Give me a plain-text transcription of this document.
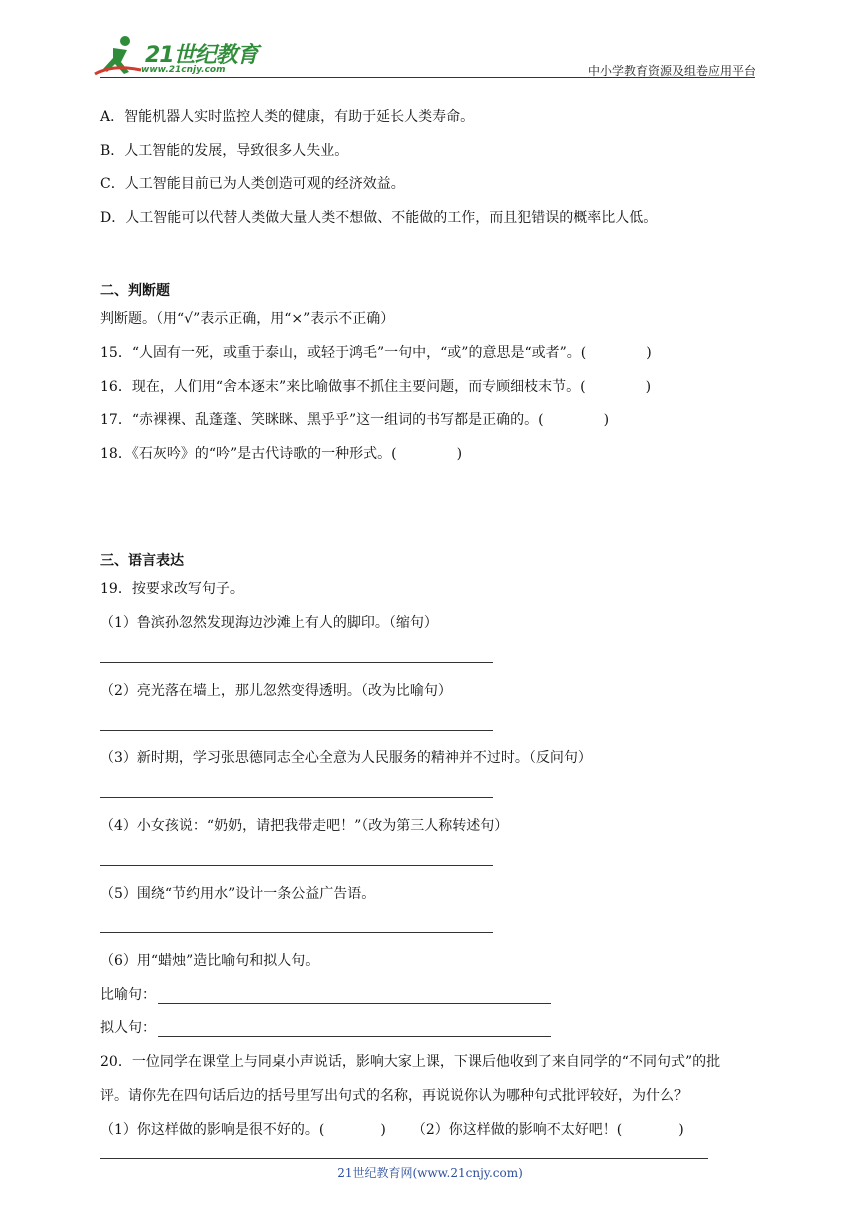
21世纪教育
www.21cnjy.com	中小学教育资源及组卷应用平台
A．智能机器人实时监控人类的健康，有助于延长人类寿命。
B．人工智能的发展，导致很多人失业。
C．人工智能目前已为人类创造可观的经济效益。
D．人工智能可以代替人类做大量人类不想做、不能做的工作，而且犯错误的概率比人低。
二、判断题
判断题。（用“√”表示正确，用“×”表示不正确）
15．“人固有一死，或重于泰山，或轻于鸿毛”一句中，“或”的意思是“或者”。(	)
16．现在，人们用“舍本逐末”来比喻做事不抓住主要问题，而专顾细枝末节。(	)
17．“赤裸裸、乱蓬蓬、笑眯眯、黑乎乎”这一组词的书写都是正确的。(	)
18．《石灰吟》的“吟”是古代诗歌的一种形式。(	)
三、语言表达
19．按要求改写句子。
（1）鲁滨孙忽然发现海边沙滩上有人的脚印。（缩句）
（2）亮光落在墙上，那儿忽然变得透明。（改为比喻句）
（3）新时期，学习张思德同志全心全意为人民服务的精神并不过时。（反问句）
（4）小女孩说：“奶奶，请把我带走吧！”（改为第三人称转述句）
（5）围绕“节约用水”设计一条公益广告语。
（6）用“蜡烛”造比喻句和拟人句。
比喻句：
拟人句：
20．一位同学在课堂上与同桌小声说话，影响大家上课，下课后他收到了来自同学的“不同句式”的批
评。请你先在四句话后边的括号里写出句式的名称，再说说你认为哪种句式批评较好，为什么？
（1）你这样做的影响是很不好的。(	) （2）你这样做的影响不太好吧！(	)
21世纪教育网(www.21cnjy.com)
